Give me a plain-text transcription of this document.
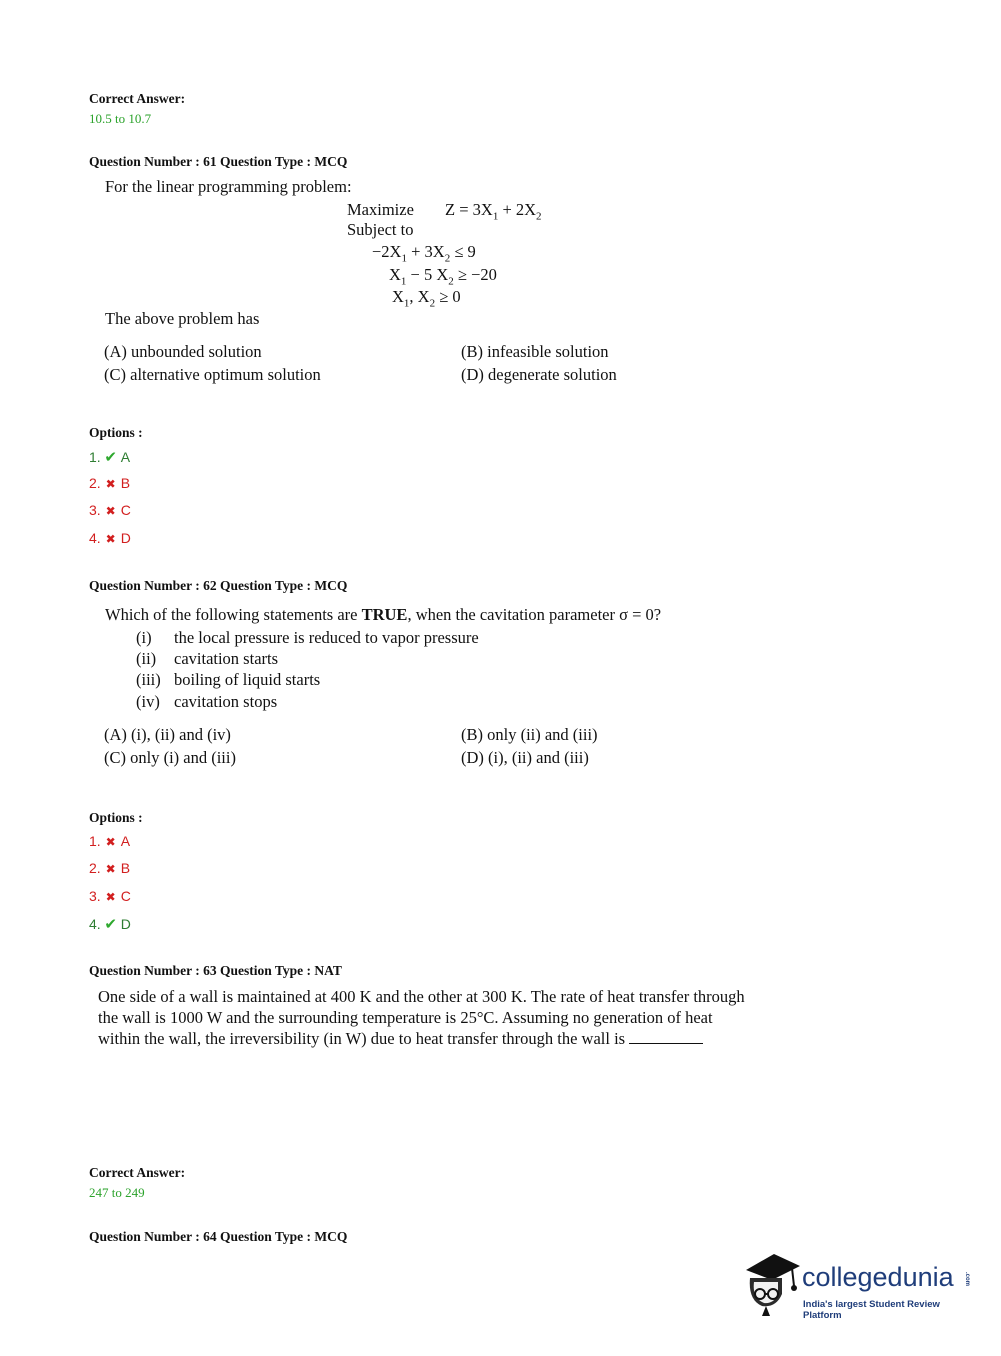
Correct Answer:
10.5 to 10.7
Question Number : 61 Question Type : MCQ
For the linear programming problem:
Maximize $Z = 3X_1 + 2X_2$
Subject to
$-2X_1 + 3X_2 \le 9$
$X_1 - 5$ $X_2 \ge -20$
$X_1$, $X_2 \ge 0$
The above problem has
(A) unbounded solution	(B) infeasible solution
(C) alternative optimum solution	(D) degenerate solution
Options :
1. ✔ A
2. ✖ B
3. ✖ C
4. ✖ D
Question Number : 62 Question Type : MCQ
Which of the following statements are TRUE, when the cavitation parameter σ = 0?
(i) the local pressure is reduced to vapor pressure
(ii) cavitation starts
(iii) boiling of liquid starts
(iv) cavitation stops
(A) (i), (ii) and (iv)	(B) only (ii) and (iii)
(C) only (i) and (iii)	(D) (i), (ii) and (iii)
Options :
1. ✖ A
2. ✖ B
3. ✖ C
4. ✔ D
Question Number : 63 Question Type : NAT
One side of a wall is maintained at 400 K and the other at 300 K. The rate of heat transfer through
the wall is 1000 W and the surrounding temperature is 25°C. Assuming no generation of heat
within the wall, the irreversibility (in W) due to heat transfer through the wall is
Correct Answer:
247 to 249
Question Number : 64 Question Type : MCQ
collegedunia .com
India's largest Student Review Platform
